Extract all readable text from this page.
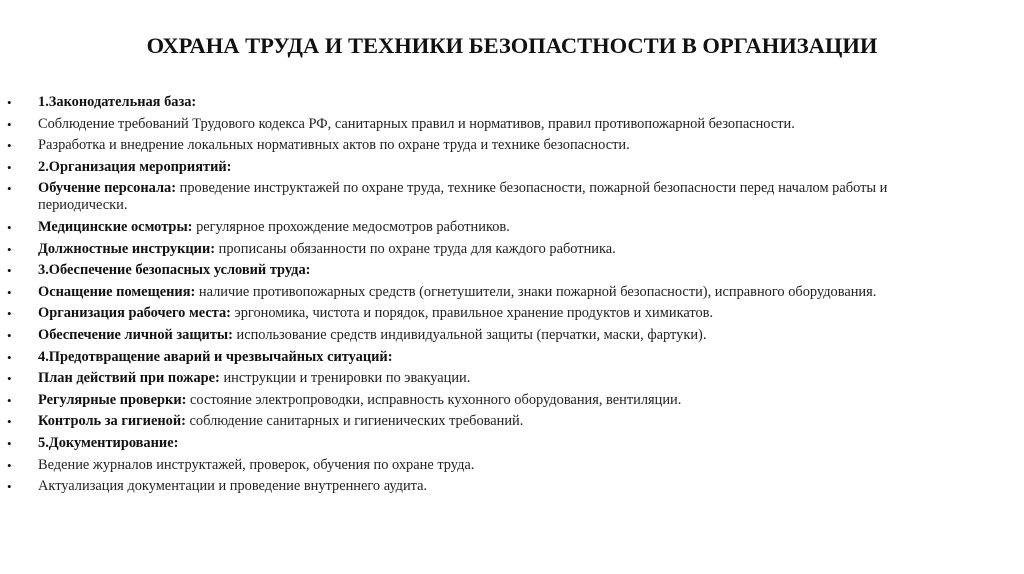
ОХРАНА ТРУДА И ТЕХНИКИ БЕЗОПАСТНОСТИ В ОРГАНИЗАЦИИ
• 1.Законодательная база:
• Соблюдение требований Трудового кодекса РФ, санитарных правил и нормативов, правил противопожарной безопасности.
• Разработка и внедрение локальных нормативных актов по охране труда и технике безопасности.
• 2.Организация мероприятий:
• Обучение персонала: проведение инструктажей по охране труда, технике безопасности, пожарной безопасности перед началом работы и периодически.
• Медицинские осмотры: регулярное прохождение медосмотров работников.
• Должностные инструкции: прописаны обязанности по охране труда для каждого работника.
• 3.Обеспечение безопасных условий труда:
• Оснащение помещения: наличие противопожарных средств (огнетушители, знаки пожарной безопасности), исправного оборудования.
• Организация рабочего места: эргономика, чистота и порядок, правильное хранение продуктов и химикатов.
• Обеспечение личной защиты: использование средств индивидуальной защиты (перчатки, маски, фартуки).
• 4.Предотвращение аварий и чрезвычайных ситуаций:
• План действий при пожаре: инструкции и тренировки по эвакуации.
• Регулярные проверки: состояние электропроводки, исправность кухонного оборудования, вентиляции.
• Контроль за гигиеной: соблюдение санитарных и гигиенических требований.
• 5.Документирование:
• Ведение журналов инструктажей, проверок, обучения по охране труда.
• Актуализация документации и проведение внутреннего аудита.
